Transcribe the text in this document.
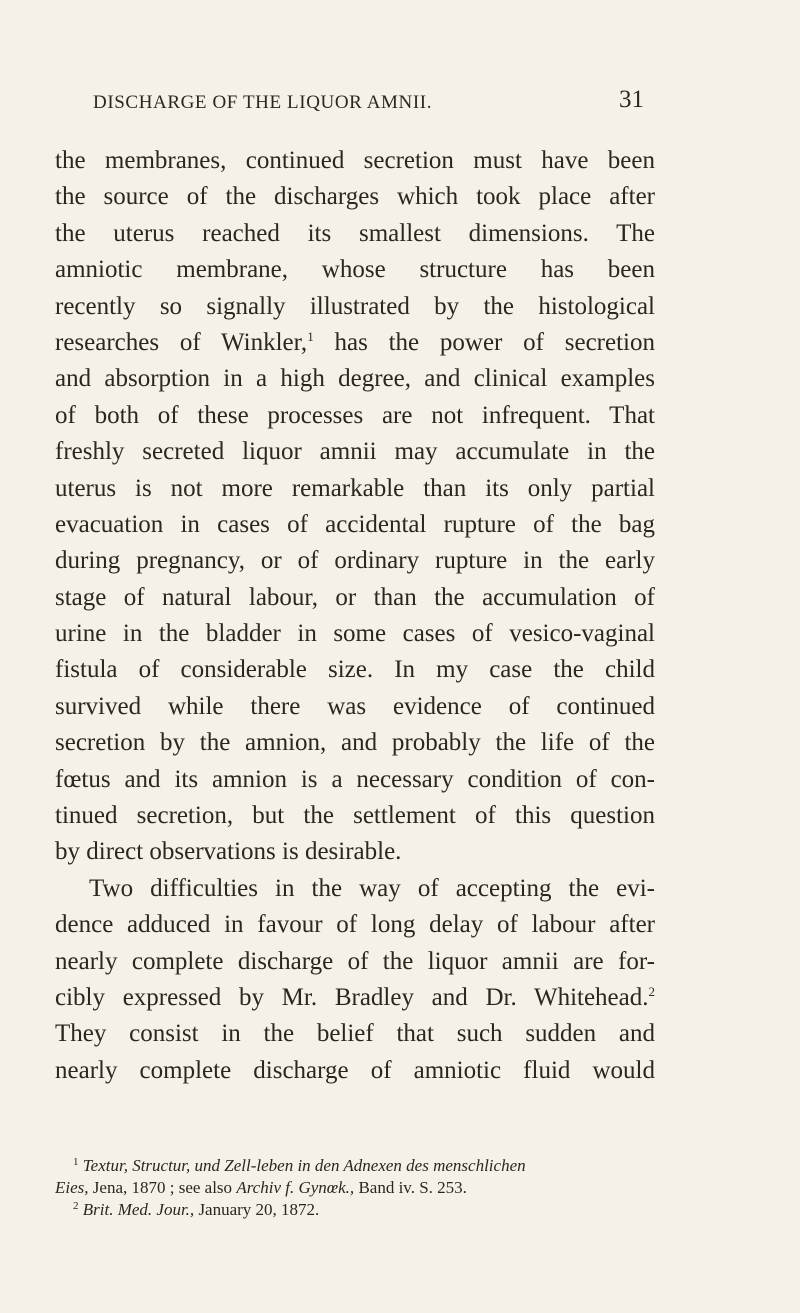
DISCHARGE OF THE LIQUOR AMNII.	31
the membranes, continued secretion must have been
the source of the discharges which took place after
the uterus reached its smallest dimensions. The
amniotic membrane, whose structure has been
recently so signally illustrated by the histological
researches of Winkler,$^1$ has the power of secretion
and absorption in a high degree, and clinical examples
of both of these processes are not infrequent. That
freshly secreted liquor amnii may accumulate in the
uterus is not more remarkable than its only partial
evacuation in cases of accidental rupture of the bag
during pregnancy, or of ordinary rupture in the early
stage of natural labour, or than the accumulation of
urine in the bladder in some cases of vesico-vaginal
fistula of considerable size. In my case the child
survived while there was evidence of continued
secretion by the amnion, and probably the life of the
fœtus and its amnion is a necessary condition of con-
tinued secretion, but the settlement of this question
by direct observations is desirable.
Two difficulties in the way of accepting the evi-
dence adduced in favour of long delay of labour after
nearly complete discharge of the liquor amnii are for-
cibly expressed by Mr. Bradley and Dr. Whitehead.$^2$
They consist in the belief that such sudden and
nearly complete discharge of amniotic fluid would
$^1$ Textur, Structur, und Zell-leben in den Adnexen des menschlichen
Eies, Jena, 1870 ; see also Archiv f. Gynœk., Band iv. S. 253.
$^2$ Brit. Med. Jour., January 20, 1872.
